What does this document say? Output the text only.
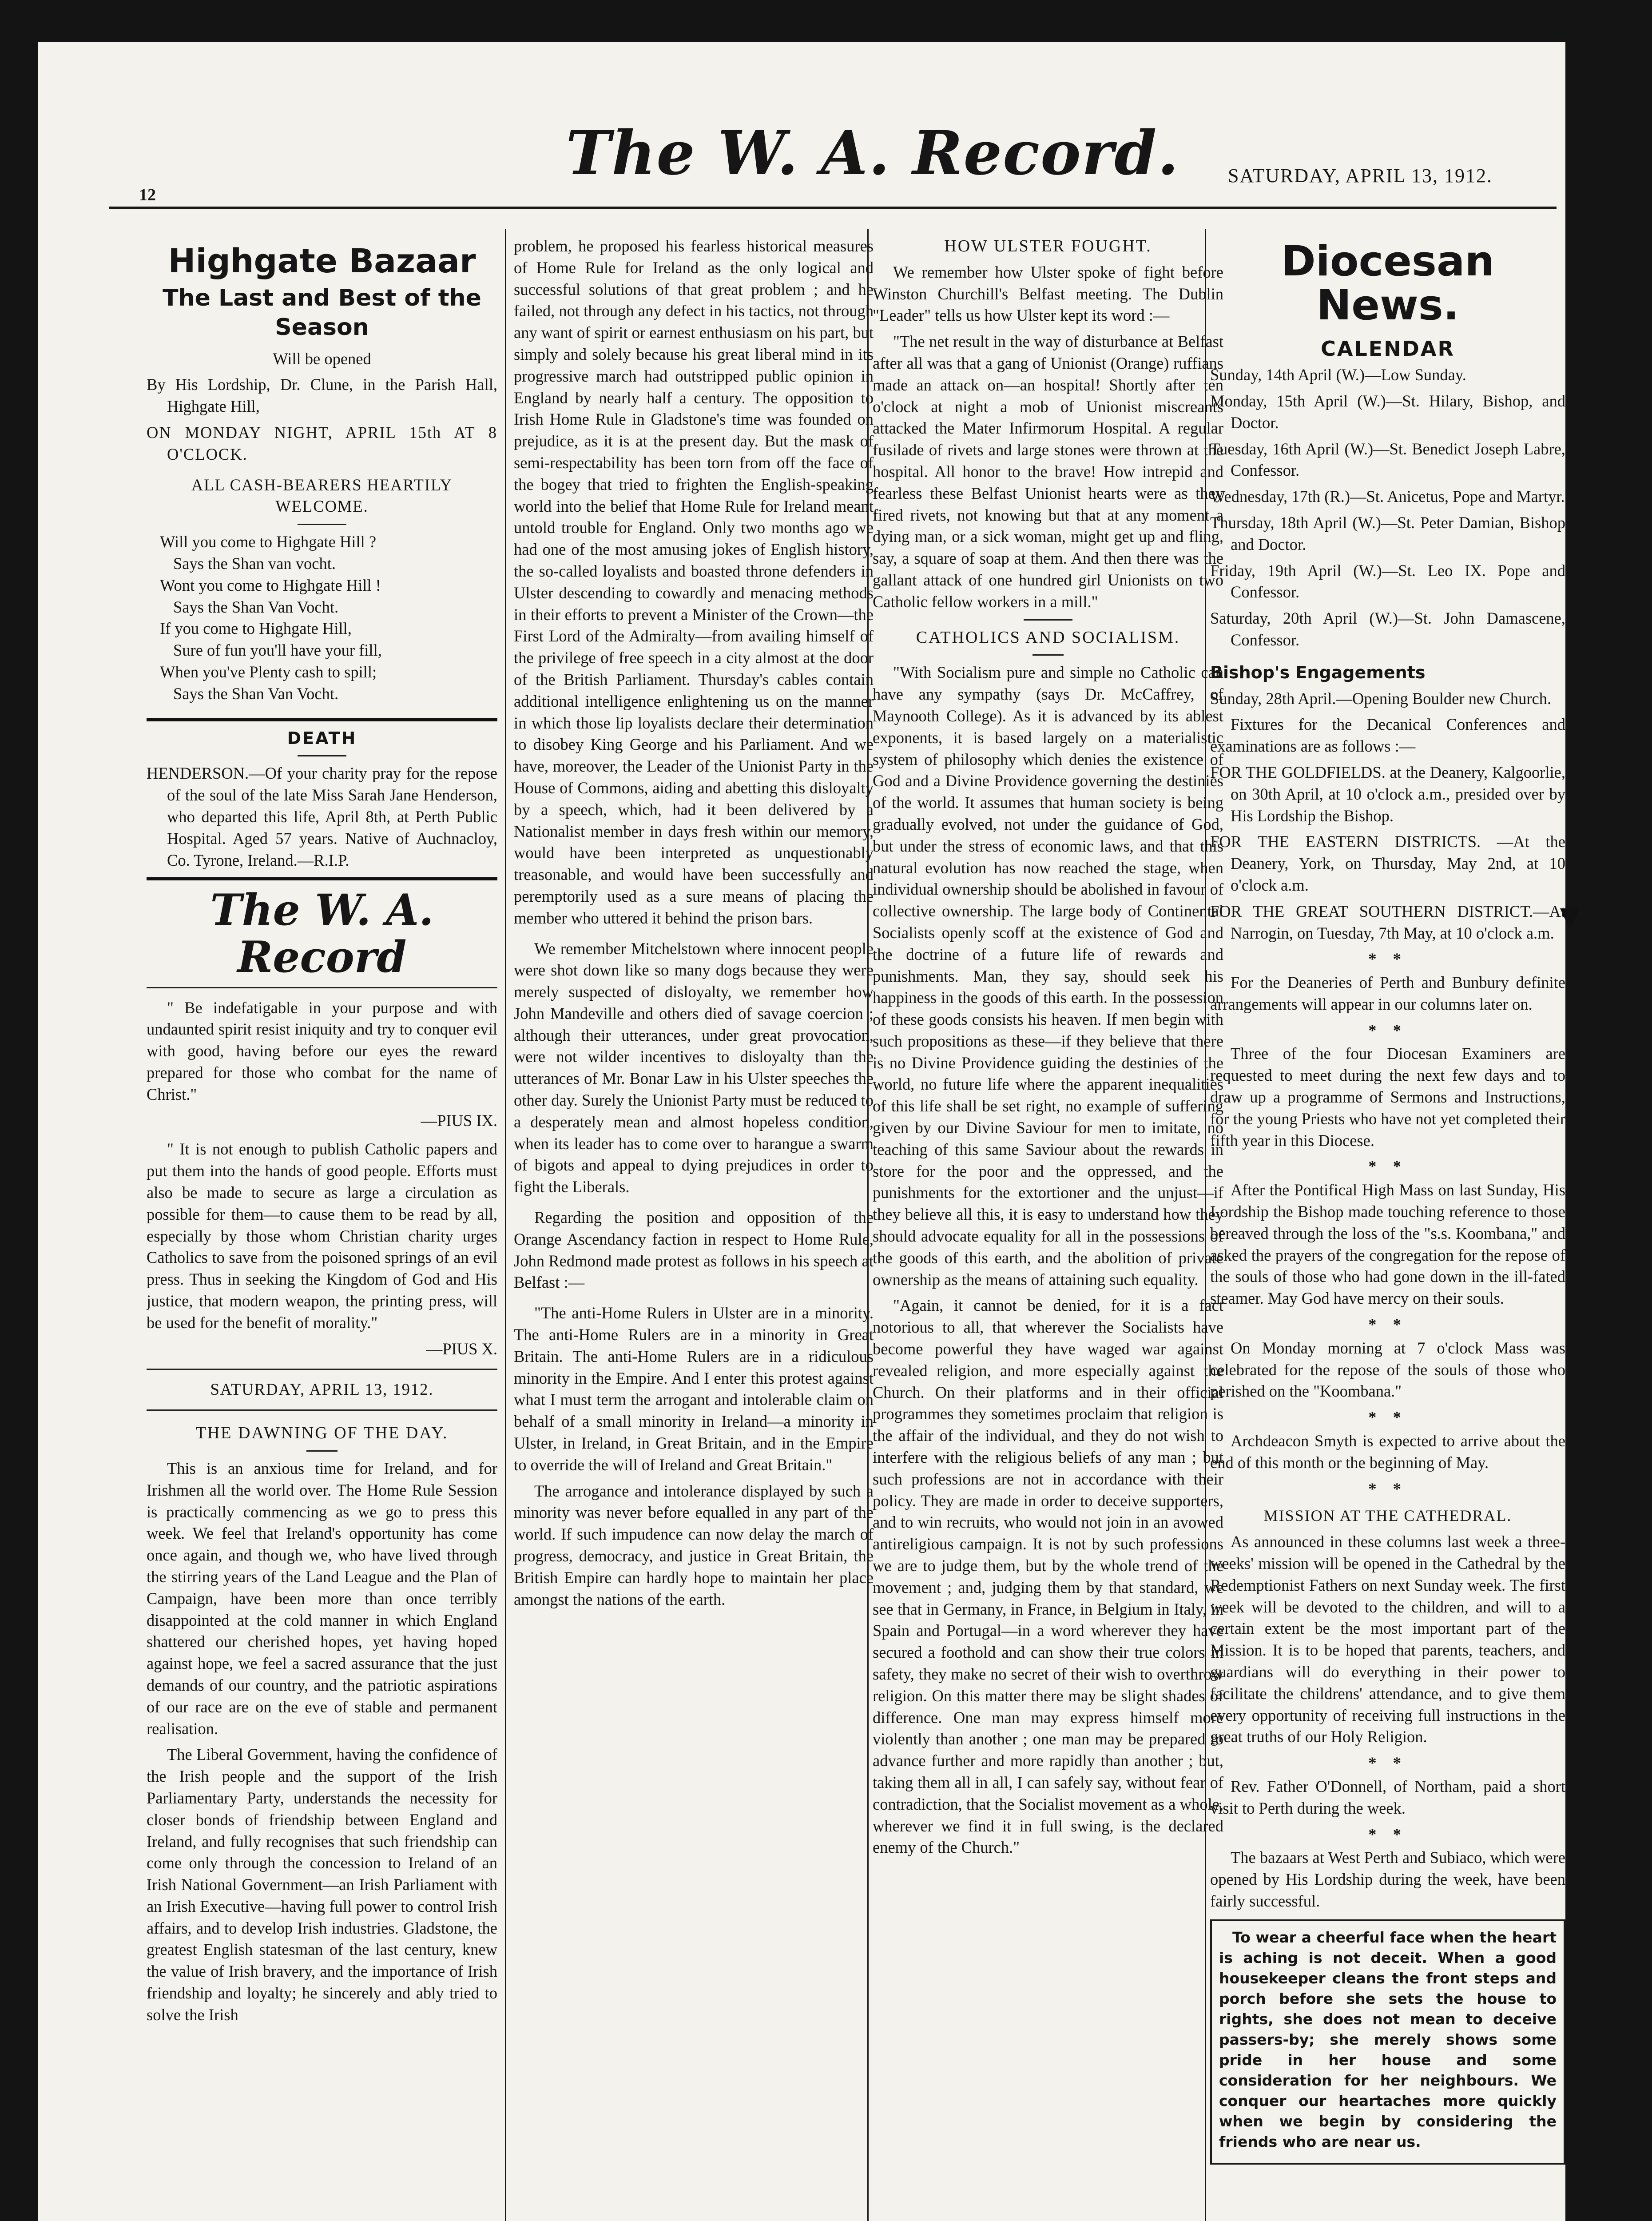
12
The W. A. Record. SATURDAY, APRIL 13, 1912.
Highgate Bazaar
The Last and Best of the Season

Will be opened

By His Lordship, Dr. Clune, in the Parish Hall, Highgate Hill,

ON MONDAY NIGHT, APRIL 15th AT 8 O'CLOCK.

ALL CASH-BEARERS HEARTILY WELCOME.

Will you come to Highgate Hill ?

Says the Shan van vocht.

Wont you come to Highgate Hill !

Says the Shan Van Vocht.

If you come to Highgate Hill,

Sure of fun you'll have your fill,

When you've Plenty cash to spill;

Says the Shan Van Vocht.

DEATH

HENDERSON.—Of your charity pray for the repose of the soul of the late Miss Sarah Jane Henderson, who departed this life, April 8th, at Perth Public Hospital. Aged 57 years. Native of Auchnacloy, Co. Tyrone, Ireland.—R.I.P.

The W. A. Record

" Be indefatigable in your purpose and with undaunted spirit resist iniquity and try to conquer evil with good, having before our eyes the reward prepared for those who combat for the name of Christ."

—PIUS IX.

" It is not enough to publish Catholic papers and put them into the hands of good people. Efforts must also be made to secure as large a circulation as possible for them—to cause them to be read by all, especially by those whom Christian charity urges Catholics to save from the poisoned springs of an evil press. Thus in seeking the Kingdom of God and His justice, that modern weapon, the printing press, will be used for the benefit of morality."

—PIUS X.

SATURDAY, APRIL 13, 1912.

THE DAWNING OF THE DAY.

This is an anxious time for Ireland, and for Irishmen all the world over. The Home Rule Session is practically commencing as we go to press this week. We feel that Ireland's opportunity has come once again, and though we, who have lived through the stirring years of the Land League and the Plan of Campaign, have been more than once terribly disappointed at the cold manner in which England shattered our cherished hopes, yet having hoped against hope, we feel a sacred assurance that the just demands of our country, and the patriotic aspirations of our race are on the eve of stable and permanent realisation.

The Liberal Government, having the confidence of the Irish people and the support of the Irish Parliamentary Party, understands the necessity for closer bonds of friendship between England and Ireland, and fully recognises that such friendship can come only through the concession to Ireland of an Irish National Government—an Irish Parliament with an Irish Executive—having full power to control Irish affairs, and to develop Irish industries. Gladstone, the greatest English statesman of the last century, knew the value of Irish bravery, and the importance of Irish friendship and loyalty; he sincerely and ably tried to solve the Irish

problem, he proposed his fearless historical measures of Home Rule for Ireland as the only logical and successful solutions of that great problem ; and he failed, not through any defect in his tactics, not through any want of spirit or earnest enthusiasm on his part, but simply and solely because his great liberal mind in its progressive march had outstripped public opinion in England by nearly half a century. The opposition to Irish Home Rule in Gladstone's time was founded on prejudice, as it is at the present day. But the mask of semi-respectability has been torn from off the face of the bogey that tried to frighten the English-speaking world into the belief that Home Rule for Ireland meant untold trouble for England. Only two months ago we had one of the most amusing jokes of English history, the so-called loyalists and boasted throne defenders in Ulster descending to cowardly and menacing methods in their efforts to prevent a Minister of the Crown—the First Lord of the Admiralty—from availing himself of the privilege of free speech in a city almost at the door of the British Parliament. Thursday's cables contain additional intelligence enlightening us on the manner in which those lip loyalists declare their determination to disobey King George and his Parliament. And we have, moreover, the Leader of the Unionist Party in the House of Commons, aiding and abetting this disloyalty by a speech, which, had it been delivered by a Nationalist member in days fresh within our memory, would have been interpreted as unquestionably treasonable, and would have been successfully and peremptorily used as a sure means of placing the member who uttered it behind the prison bars.

We remember Mitchelstown where innocent people were shot down like so many dogs because they were merely suspected of disloyalty, we remember how John Mandeville and others died of savage coercion ; although their utterances, under great provocation, were not wilder incentives to disloyalty than the utterances of Mr. Bonar Law in his Ulster speeches the other day. Surely the Unionist Party must be reduced to a desperately mean and almost hopeless condition, when its leader has to come over to harangue a swarm of bigots and appeal to dying prejudices in order to fight the Liberals.

Regarding the position and opposition of the Orange Ascendancy faction in respect to Home Rule, John Redmond made protest as follows in his speech at Belfast :—

"The anti-Home Rulers in Ulster are in a minority. The anti-Home Rulers are in a minority in Great Britain. The anti-Home Rulers are in a ridiculous minority in the Empire. And I enter this protest against what I must term the arrogant and intolerable claim on behalf of a small minority in Ireland—a minority in Ulster, in Ireland, in Great Britain, and in the Empire to override the will of Ireland and Great Britain."

The arrogance and intolerance displayed by such a minority was never before equalled in any part of the world. If such impudence can now delay the march of progress, democracy, and justice in Great Britain, the British Empire can hardly hope to maintain her place amongst the nations of the earth.

HOW ULSTER FOUGHT.

We remember how Ulster spoke of fight before Winston Churchill's Belfast meeting. The Dublin "Leader" tells us how Ulster kept its word :—

"The net result in the way of disturbance at Belfast after all was that a gang of Unionist (Orange) ruffians made an attack on—an hospital! Shortly after ten o'clock at night a mob of Unionist miscreants attacked the Mater Infirmorum Hospital. A regular fusilade of rivets and large stones were thrown at the hospital. All honor to the brave! How intrepid and fearless these Belfast Unionist hearts were as they fired rivets, not knowing but that at any moment a dying man, or a sick woman, might get up and fling, say, a square of soap at them. And then there was the gallant attack of one hundred girl Unionists on two Catholic fellow workers in a mill."

CATHOLICS AND SOCIALISM.

"With Socialism pure and simple no Catholic can have any sympathy (says Dr. McCaffrey, of Maynooth College). As it is advanced by its ablest exponents, it is based largely on a materialistic system of philosophy which denies the existence of God and a Divine Providence governing the destinies of the world. It assumes that human society is being gradually evolved, not under the guidance of God, but under the stress of economic laws, and that this natural evolution has now reached the stage, when individual ownership should be abolished in favour of collective ownership. The large body of Continental Socialists openly scoff at the existence of God and the doctrine of a future life of rewards and punishments. Man, they say, should seek his happiness in the goods of this earth. In the possession of these goods consists his heaven. If men begin with such propositions as these—if they believe that there is no Divine Providence guiding the destinies of the world, no future life where the apparent inequalities of this life shall be set right, no example of suffering given by our Divine Saviour for men to imitate, no teaching of this same Saviour about the rewards in store for the poor and the oppressed, and the punishments for the extortioner and the unjust—if they believe all this, it is easy to understand how they should advocate equality for all in the possessions of the goods of this earth, and the abolition of private ownership as the means of attaining such equality.

"Again, it cannot be denied, for it is a fact notorious to all, that wherever the Socialists have become powerful they have waged war against revealed religion, and more especially against the Church. On their platforms and in their official programmes they sometimes proclaim that religion is the affair of the individual, and they do not wish to interfere with the religious beliefs of any man ; but such professions are not in accordance with their policy. They are made in order to deceive supporters, and to win recruits, who would not join in an avowed antireligious campaign. It is not by such professions we are to judge them, but by the whole trend of the movement ; and, judging them by that standard, we see that in Germany, in France, in Belgium in Italy, in Spain and Portugal—in a word wherever they have secured a foothold and can show their true colors in safety, they make no secret of their wish to overthrow religion. On this matter there may be slight shades of difference. One man may express himself more violently than another ; one man may be prepared to advance further and more rapidly than another ; but, taking them all in all, I can safely say, without fear of contradiction, that the Socialist movement as a whole, wherever we find it in full swing, is the declared enemy of the Church."

Diocesan News.

CALENDAR

Sunday, 14th April (W.)—Low Sunday.

Monday, 15th April (W.)—St. Hilary, Bishop, and Doctor.

Tuesday, 16th April (W.)—St. Benedict Joseph Labre, Confessor.

Wednesday, 17th (R.)—St. Anicetus, Pope and Martyr.

Thursday, 18th April (W.)—St. Peter Damian, Bishop and Doctor.

Friday, 19th April (W.)—St. Leo IX. Pope and Confessor.

Saturday, 20th April (W.)—St. John Damascene, Confessor.

Bishop's Engagements

Sunday, 28th April.—Opening Boulder new Church.

Fixtures for the Decanical Conferences and examinations are as follows :—

FOR THE GOLDFIELDS. at the Deanery, Kalgoorlie, on 30th April, at 10 o'clock a.m., presided over by His Lordship the Bishop.

FOR THE EASTERN DISTRICTS. —At the Deanery, York, on Thursday, May 2nd, at 10 o'clock a.m.

FOR THE GREAT SOUTHERN DISTRICT.—At Narrogin, on Tuesday, 7th May, at 10 o'clock a.m.

* *

For the Deaneries of Perth and Bunbury definite arrangements will appear in our columns later on.

* *

Three of the four Diocesan Examiners are requested to meet during the next few days and to draw up a programme of Sermons and Instructions, for the young Priests who have not yet completed their fifth year in this Diocese.

* *

After the Pontifical High Mass on last Sunday, His Lordship the Bishop made touching reference to those bereaved through the loss of the "s.s. Koombana," and asked the prayers of the congregation for the repose of the souls of those who had gone down in the ill-fated steamer. May God have mercy on their souls.

* *

On Monday morning at 7 o'clock Mass was celebrated for the repose of the souls of those who perished on the "Koombana."

* *

Archdeacon Smyth is expected to arrive about the end of this month or the beginning of May.

* *

MISSION AT THE CATHEDRAL.

As announced in these columns last week a three-weeks' mission will be opened in the Cathedral by the Redemptionist Fathers on next Sunday week. The first week will be devoted to the children, and will to a certain extent be the most important part of the Mission. It is to be hoped that parents, teachers, and guardians will do everything in their power to facilitate the childrens' attendance, and to give them every opportunity of receiving full instructions in the great truths of our Holy Religion.

* *

Rev. Father O'Donnell, of Northam, paid a short visit to Perth during the week.

* *

The bazaars at West Perth and Subiaco, which were opened by His Lordship during the week, have been fairly successful.

To wear a cheerful face when the heart is aching is not deceit. When a good housekeeper cleans the front steps and porch before she sets the house to rights, she does not mean to deceive passers-by; she merely shows some pride in her house and some consideration for her neighbours. We conquer our heartaches more quickly when we begin by considering the friends who are near us.
